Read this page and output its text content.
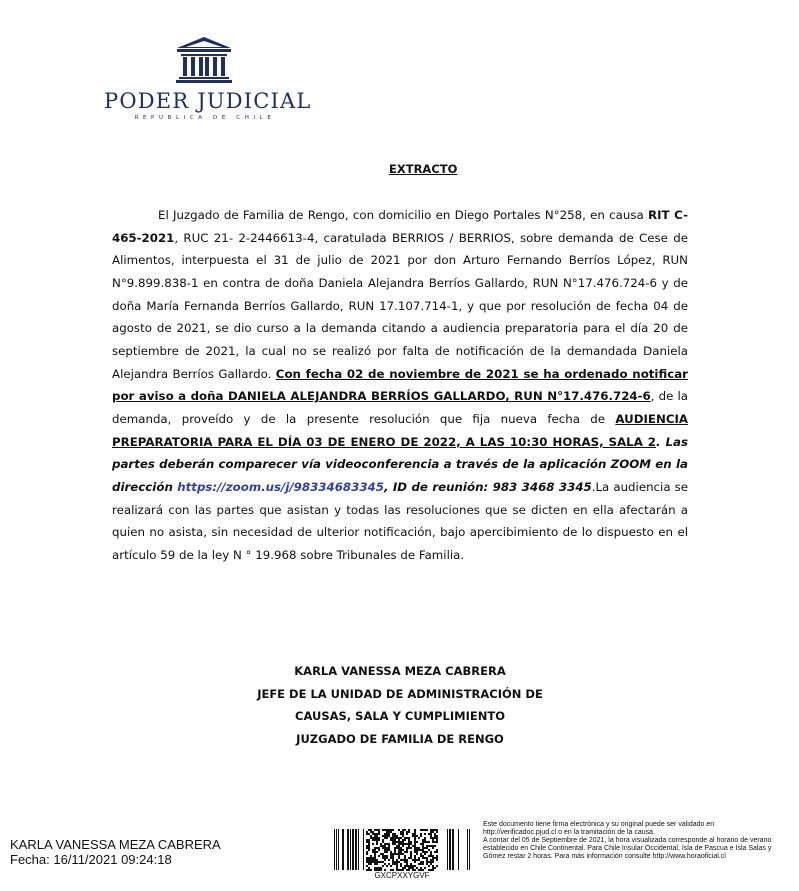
PODER JUDICIAL
REPUBLICA DE CHILE
EXTRACTO
El Juzgado de Familia de Rengo, con domicilio en Diego Portales N°258, en causa RIT C-465-2021, RUC 21- 2-2446613-4, caratulada BERRIOS / BERRIOS, sobre demanda de Cese de Alimentos, interpuesta el 31 de julio de 2021 por don Arturo Fernando Berríos López, RUN N°9.899.838-1 en contra de doña Daniela Alejandra Berríos Gallardo, RUN N°17.476.724-6 y de doña María Fernanda Berríos Gallardo, RUN 17.107.714-1, y que por resolución de fecha 04 de agosto de 2021, se dio curso a la demanda citando a audiencia preparatoria para el día 20 de septiembre de 2021, la cual no se realizó por falta de notificación de la demandada Daniela Alejandra Berríos Gallardo. Con fecha 02 de noviembre de 2021 se ha ordenado notificar por aviso a doña DANIELA ALEJANDRA BERRÍOS GALLARDO, RUN N°17.476.724-6, de la demanda, proveído y de la presente resolución que fija nueva fecha de AUDIENCIA PREPARATORIA PARA EL DÍA 03 DE ENERO DE 2022, A LAS 10:30 HORAS, SALA 2. Las partes deberán comparecer vía videoconferencia a través de la aplicación ZOOM en la dirección https://zoom.us/j/98334683345, ID de reunión: 983 3468 3345.La audiencia se realizará con las partes que asistan y todas las resoluciones que se dicten en ella afectarán a quien no asista, sin necesidad de ulterior notificación, bajo apercibimiento de lo dispuesto en el artículo 59 de la ley N ° 19.968 sobre Tribunales de Familia.
KARLA VANESSA MEZA CABRERA
JEFE DE LA UNIDAD DE ADMINISTRACIÓN DE
CAUSAS, SALA Y CUMPLIMIENTO
JUZGADO DE FAMILIA DE RENGO
KARLA VANESSA MEZA CABRERA
Fecha: 16/11/2021 09:24:18
GXCPXXYGVF
Este documento tiene firma electrónica y su original puede ser validado en http://verificadoc.pjud.cl o en la tramitación de la causa.
A contar del 05 de Septiembre de 2021, la hora visualizada corresponde al horario de verano establecido en Chile Continental. Para Chile Insular Occidental, Isla de Pascua e Isla Salas y Gómez restar 2 horas. Para más información consulte http://www.horaoficial.cl
